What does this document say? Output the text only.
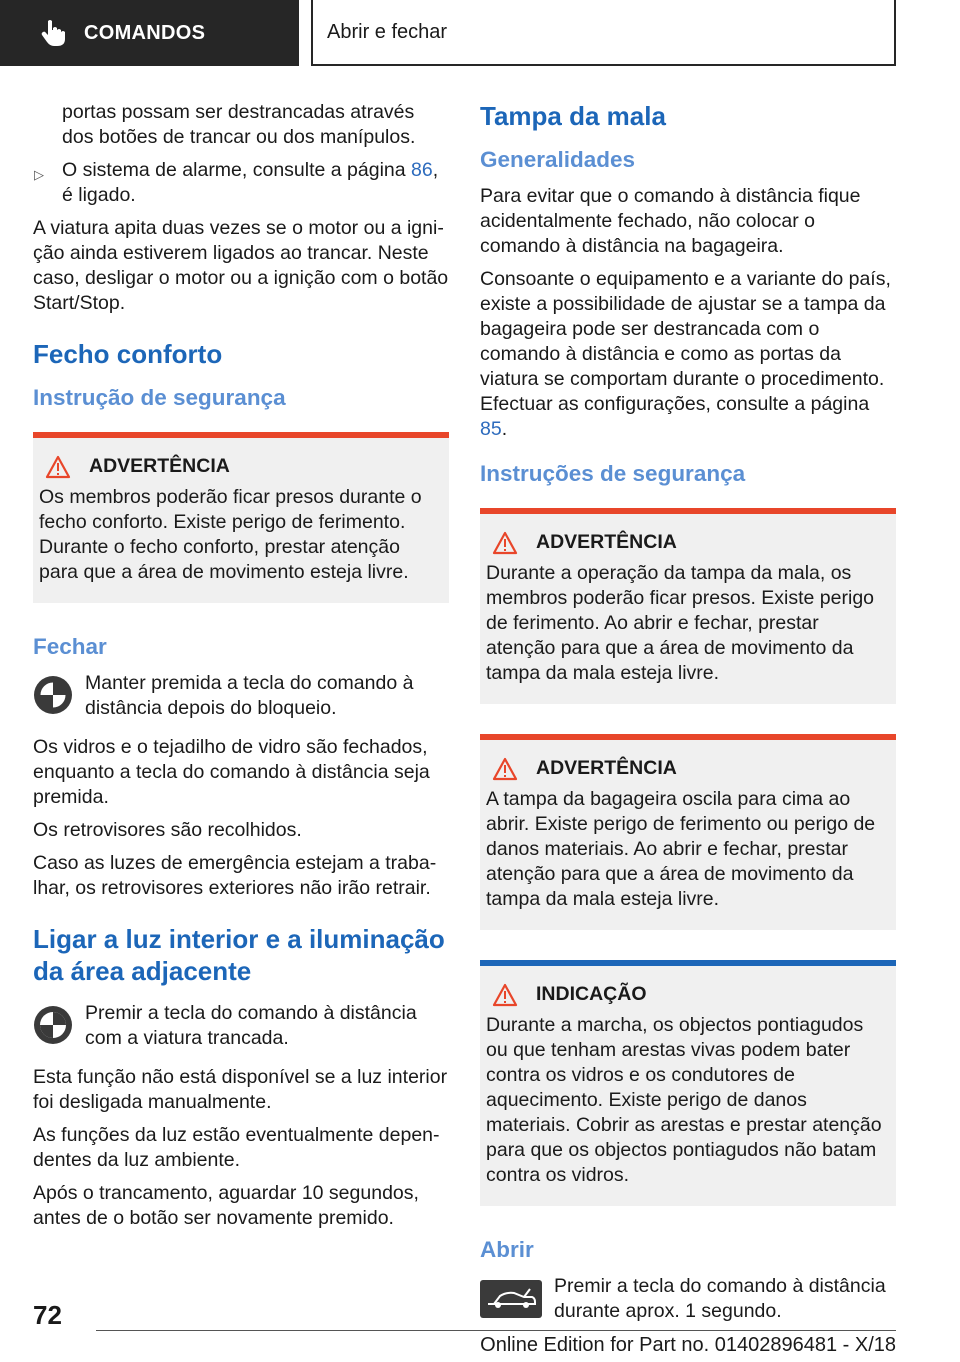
COMANDOS	Abrir e fechar

portas possam ser destrancadas através dos botões de trancar ou dos manípulos.

▷ O sistema de alarme, consulte a página 86, é ligado.

A viatura apita duas vezes se o motor ou a ignição ainda estiverem ligados ao trancar. Neste caso, desligar o motor ou a ignição com o botão Start/Stop.

Fecho conforto
Instrução de segurança
ADVERTÊNCIA

Os membros poderão ficar presos durante o fecho conforto. Existe perigo de ferimento. Durante o fecho conforto, prestar atenção para que a área de movimento esteja livre.

Fechar
Manter premida a tecla do comando à distância depois do bloqueio.

Os vidros e o tejadilho de vidro são fechados, enquanto a tecla do comando à distância seja premida.

Os retrovisores são recolhidos.

Caso as luzes de emergência estejam a trabalhar, os retrovisores exteriores não irão retrair.

Ligar a luz interior e a iluminação da área adjacente
Premir a tecla do comando à distância com a viatura trancada.

Esta função não está disponível se a luz interior foi desligada manualmente.

As funções da luz estão eventualmente dependentes da luz ambiente.

Após o trancamento, aguardar 10 segundos, antes de o botão ser novamente premido.

Tampa da mala
Generalidades

Para evitar que o comando à distância fique acidentalmente fechado, não colocar o comando à distância na bagageira.

Consoante o equipamento e a variante do país, existe a possibilidade de ajustar se a tampa da bagageira pode ser destrancada com o comando à distância e como as portas da viatura se comportam durante o procedimento. Efectuar as configurações, consulte a página 85.

Instruções de segurança
ADVERTÊNCIA

Durante a operação da tampa da mala, os membros poderão ficar presos. Existe perigo de ferimento. Ao abrir e fechar, prestar atenção para que a área de movimento da tampa da mala esteja livre.

ADVERTÊNCIA

A tampa da bagageira oscila para cima ao abrir. Existe perigo de ferimento ou perigo de danos materiais. Ao abrir e fechar, prestar atenção para que a área de movimento da tampa da mala esteja livre.

INDICAÇÃO

Durante a marcha, os objectos pontiagudos ou que tenham arestas vivas podem bater contra os vidros e os condutores de aquecimento. Existe perigo de danos materiais. Cobrir as arestas e prestar atenção para que os objectos pontiagudos não batam contra os vidros.

Abrir
Premir a tecla do comando à distância durante aprox. 1 segundo.
72
Online Edition for Part no. 01402896481 - X/18
